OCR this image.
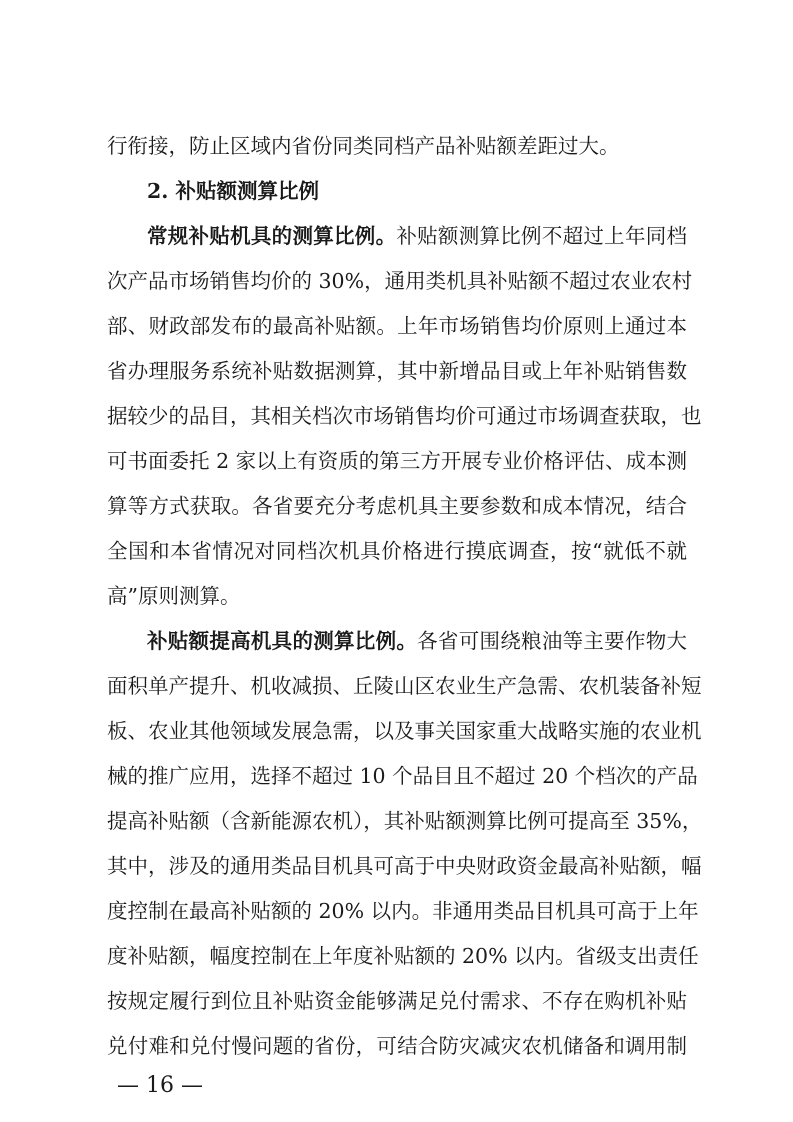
行衔接，防止区域内省份同类同档产品补贴额差距过大。
2. 补贴额测算比例
常规补贴机具的测算比例。补贴额测算比例不超过上年同档
次产品市场销售均价的 30%，通用类机具补贴额不超过农业农村
部、财政部发布的最高补贴额。上年市场销售均价原则上通过本
省办理服务系统补贴数据测算，其中新增品目或上年补贴销售数
据较少的品目，其相关档次市场销售均价可通过市场调查获取，也
可书面委托 2 家以上有资质的第三方开展专业价格评估、成本测
算等方式获取。各省要充分考虑机具主要参数和成本情况，结合
全国和本省情况对同档次机具价格进行摸底调查，按“就低不就
高”原则测算。
补贴额提高机具的测算比例。各省可围绕粮油等主要作物大
面积单产提升、机收减损、丘陵山区农业生产急需、农机装备补短
板、农业其他领域发展急需，以及事关国家重大战略实施的农业机
械的推广应用，选择不超过 10 个品目且不超过 20 个档次的产品
提高补贴额（含新能源农机），其补贴额测算比例可提高至 35%，
其中，涉及的通用类品目机具可高于中央财政资金最高补贴额，幅
度控制在最高补贴额的 20% 以内。非通用类品目机具可高于上年
度补贴额，幅度控制在上年度补贴额的 20% 以内。省级支出责任
按规定履行到位且补贴资金能够满足兑付需求、不存在购机补贴
兑付难和兑付慢问题的省份，可结合防灾减灾农机储备和调用制
— 16 —
